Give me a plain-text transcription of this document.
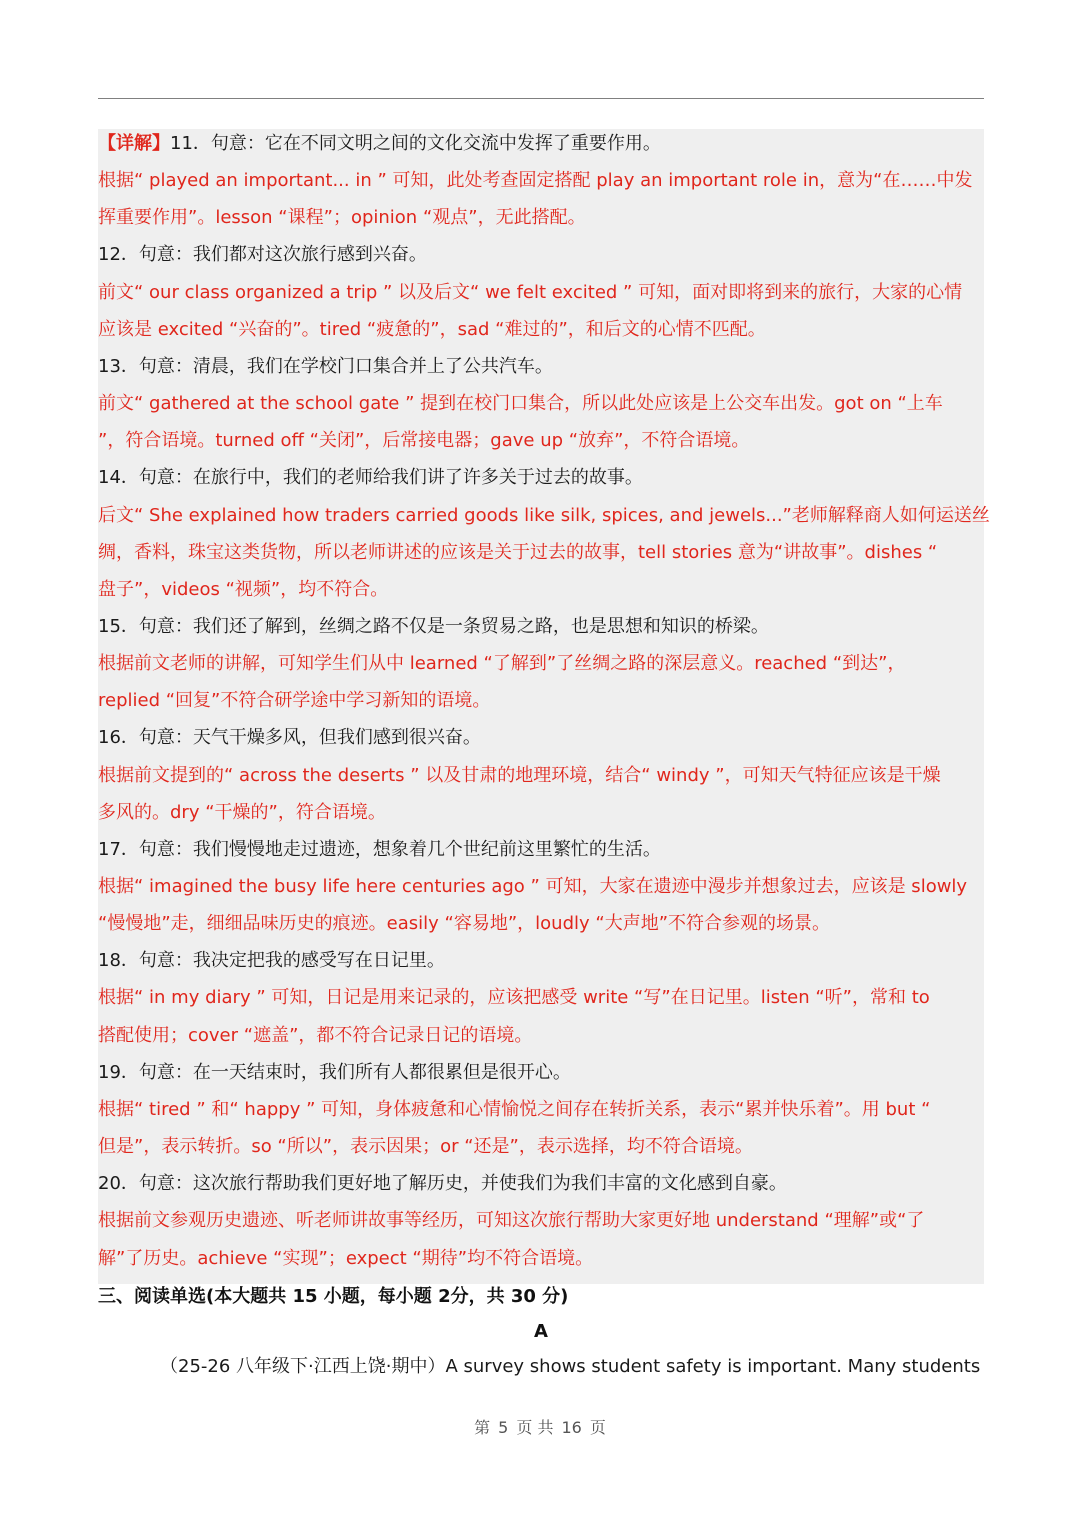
【详解】11．句意：它在不同文明之间的文化交流中发挥了重要作用。
根据“ played an important... in ” 可知，此处考查固定搭配 play an important role in，意为“在……中发
挥重要作用”。lesson “课程”；opinion “观点”，无此搭配。
12．句意：我们都对这次旅行感到兴奋。
前文“ our class organized a trip ” 以及后文“ we felt excited ” 可知，面对即将到来的旅行，大家的心情
应该是 excited “兴奋的”。tired “疲惫的”，sad “难过的”，和后文的心情不匹配。
13．句意：清晨，我们在学校门口集合并上了公共汽车。
前文“ gathered at the school gate ” 提到在校门口集合，所以此处应该是上公交车出发。got on “上车
”，符合语境。turned off “关闭”，后常接电器；gave up “放弃”，不符合语境。
14．句意：在旅行中，我们的老师给我们讲了许多关于过去的故事。
后文“ She explained how traders carried goods like silk, spices, and jewels...”老师解释商人如何运送丝
绸，香料，珠宝这类货物，所以老师讲述的应该是关于过去的故事，tell stories 意为“讲故事”。dishes “
盘子”，videos “视频”，均不符合。
15．句意：我们还了解到，丝绸之路不仅是一条贸易之路，也是思想和知识的桥梁。
根据前文老师的讲解，可知学生们从中 learned “了解到”了丝绸之路的深层意义。reached “到达”，
replied “回复”不符合研学途中学习新知的语境。
16．句意：天气干燥多风，但我们感到很兴奋。
根据前文提到的“ across the deserts ” 以及甘肃的地理环境，结合“ windy ”，可知天气特征应该是干燥
多风的。dry “干燥的”，符合语境。
17．句意：我们慢慢地走过遗迹，想象着几个世纪前这里繁忙的生活。
根据“ imagined the busy life here centuries ago ” 可知，大家在遗迹中漫步并想象过去，应该是 slowly
“慢慢地”走，细细品味历史的痕迹。easily “容易地”，loudly “大声地”不符合参观的场景。
18．句意：我决定把我的感受写在日记里。
根据“ in my diary ” 可知，日记是用来记录的，应该把感受 write “写”在日记里。listen “听”，常和 to
搭配使用；cover “遮盖”，都不符合记录日记的语境。
19．句意：在一天结束时，我们所有人都很累但是很开心。
根据“ tired ” 和“ happy ” 可知，身体疲惫和心情愉悦之间存在转折关系，表示“累并快乐着”。用 but “
但是”，表示转折。so “所以”，表示因果；or “还是”，表示选择，均不符合语境。
20．句意：这次旅行帮助我们更好地了解历史，并使我们为我们丰富的文化感到自豪。
根据前文参观历史遗迹、听老师讲故事等经历，可知这次旅行帮助大家更好地 understand “理解”或“了
解”了历史。achieve “实现”；expect “期待”均不符合语境。
三、阅读单选(本大题共 15 小题，每小题 2分，共 30 分)
A
（25-26 八年级下·江西上饶·期中）A survey shows student safety is important. Many students
第 5 页 共 16 页
